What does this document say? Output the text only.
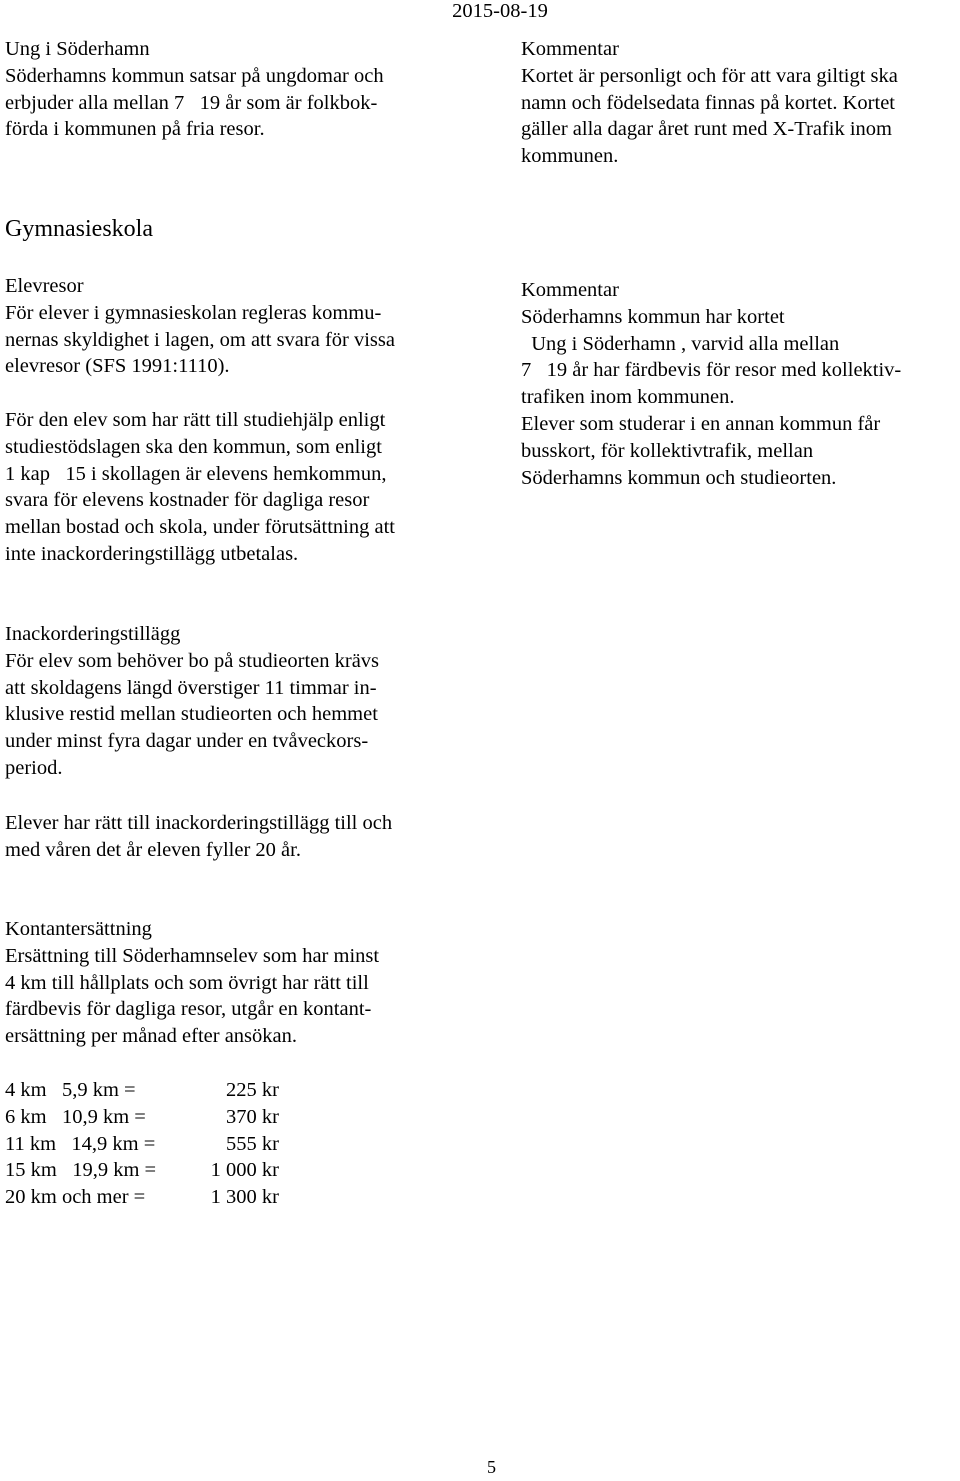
2015-08-19
Ung i Söderhamn
Söderhamns kommun satsar på ungdomar och
erbjuder alla mellan 7   19 år som är folkbok-
förda i kommunen på fria resor.
Kommentar
Kortet är personligt och för att vara giltigt ska
namn och födelsedata finnas på kortet. Kortet
gäller alla dagar året runt med X-Trafik inom
kommunen.
Gymnasieskola
Elevresor
För elever i gymnasieskolan regleras kommu-
nernas skyldighet i lagen, om att svara för vissa
elevresor (SFS 1991:1110).
För den elev som har rätt till studiehjälp enligt
studiestödslagen ska den kommun, som enligt
1 kap   15 i skollagen är elevens hemkommun,
svara för elevens kostnader för dagliga resor
mellan bostad och skola, under förutsättning att
inte inackorderingstillägg utbetalas.
Kommentar
Söderhamns kommun har kortet
Ung i Söderhamn , varvid alla mellan
7   19 år har färdbevis för resor med kollektiv-
trafiken inom kommunen.
Elever som studerar i en annan kommun får
busskort, för kollektivtrafik, mellan
Söderhamns kommun och studieorten.
Inackorderingstillägg
För elev som behöver bo på studieorten krävs
att skoldagens längd överstiger 11 timmar in-
klusive restid mellan studieorten och hemmet
under minst fyra dagar under en tvåveckors-
period.
Elever har rätt till inackorderingstillägg till och
med våren det år eleven fyller 20 år.
Kontantersättning
Ersättning till Söderhamnselev som har minst
4 km till hållplats och som övrigt har rätt till
färdbevis för dagliga resor, utgår en kontant-
ersättning per månad efter ansökan.
4 km   5,9 km =	225 kr
6 km   10,9 km =	370 kr
11 km   14,9 km =	555 kr
15 km   19,9 km =	1 000 kr
20 km och mer =	1 300 kr
5
